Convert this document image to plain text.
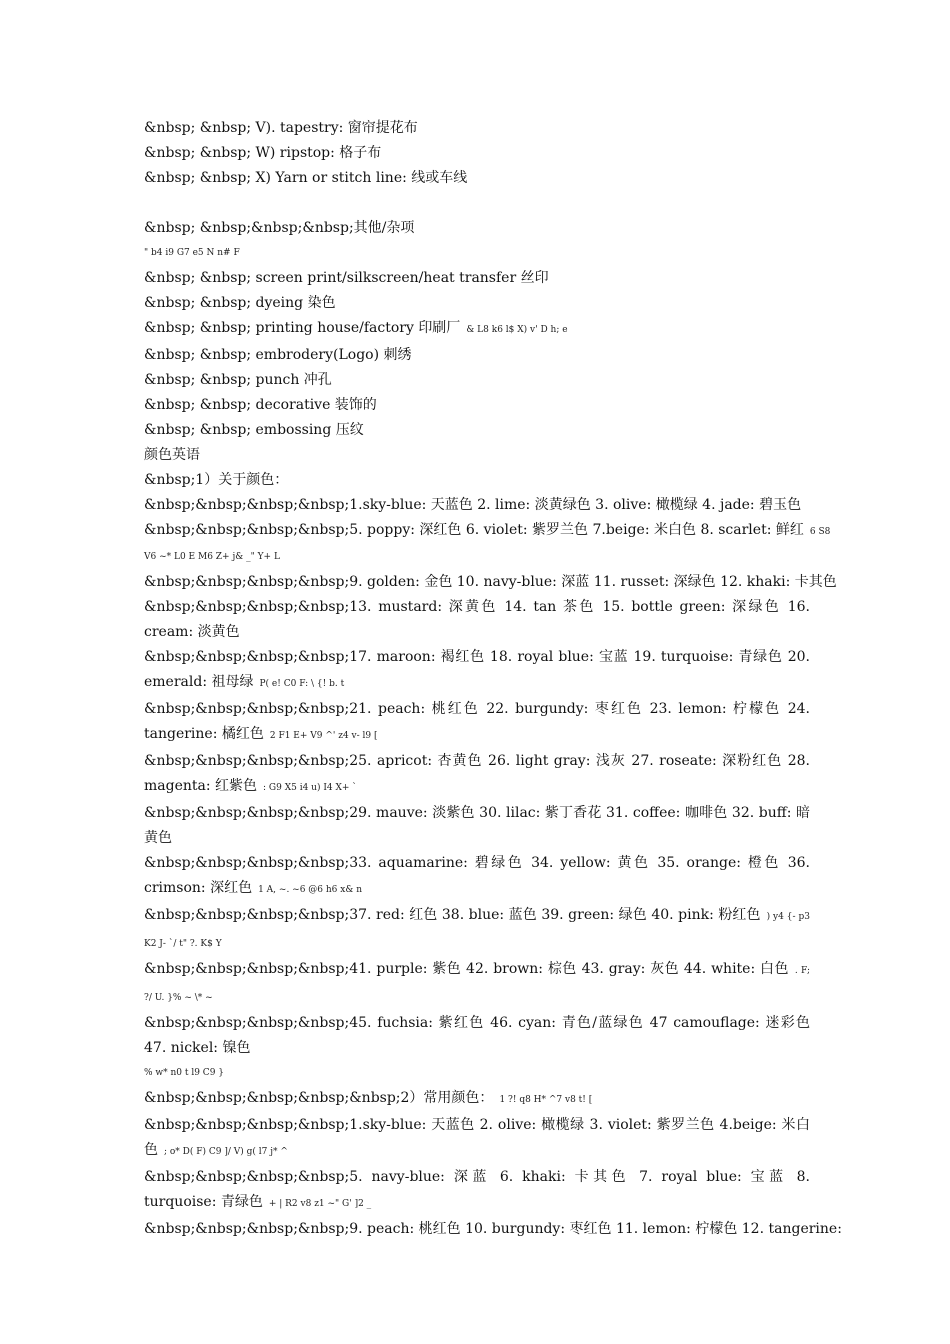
&nbsp; &nbsp; V). tapestry: 窗帘提花布
&nbsp; &nbsp; W) ripstop: 格子布
&nbsp; &nbsp; X) Yarn or stitch line: 线或车线
&nbsp; &nbsp;&nbsp;&nbsp;其他/杂项
" b4 i9 G7 e5 N n# F
&nbsp; &nbsp; screen print/silkscreen/heat transfer 丝印
&nbsp; &nbsp; dyeing 染色
&nbsp; &nbsp; printing house/factory 印刷厂 & L8 k6 l$ X) v' D h; e
&nbsp; &nbsp; embrodery(Logo) 刺绣
&nbsp; &nbsp; punch 冲孔
&nbsp; &nbsp; decorative 装饰的
&nbsp; &nbsp; embossing 压纹
颜色英语
&nbsp;1）关于颜色：
&nbsp;&nbsp;&nbsp;&nbsp;1.sky-blue: 天蓝色 2. lime: 淡黄绿色 3. olive: 橄榄绿 4. jade: 碧玉色
&nbsp;&nbsp;&nbsp;&nbsp;5. poppy: 深红色 6. violet: 紫罗兰色 7.beige: 米白色 8. scarlet: 鲜红 6 S8
V6 ~* L0 E M6 Z+ j& _" Y+ L
&nbsp;&nbsp;&nbsp;&nbsp;9. golden: 金色 10. navy-blue: 深蓝 11. russet: 深绿色 12. khaki: 卡其色
&nbsp;&nbsp;&nbsp;&nbsp;13. mustard: 深黄色 14. tan 茶色 15. bottle green: 深绿色 16. cream: 淡黄色
&nbsp;&nbsp;&nbsp;&nbsp;17. maroon: 褐红色 18. royal blue: 宝蓝 19. turquoise: 青绿色 20. emerald: 祖母绿 P( e! C0 F: \ {! b. t
&nbsp;&nbsp;&nbsp;&nbsp;21. peach: 桃红色 22. burgundy: 枣红色 23. lemon: 柠檬色 24. tangerine: 橘红色 2 F1 E+ V9 ^' z4 v- l9 [
&nbsp;&nbsp;&nbsp;&nbsp;25. apricot: 杏黄色 26. light gray: 浅灰 27. roseate: 深粉红色 28. magenta: 红紫色 : G9 X5 i4 u) I4 X+ `
&nbsp;&nbsp;&nbsp;&nbsp;29. mauve: 淡紫色 30. lilac: 紫丁香花 31. coffee: 咖啡色 32. buff: 暗黄色
&nbsp;&nbsp;&nbsp;&nbsp;33. aquamarine: 碧绿色 34. yellow: 黄色 35. orange: 橙色 36. crimson: 深红色 1 A, ~. ~6 @6 h6 x& n
&nbsp;&nbsp;&nbsp;&nbsp;37. red: 红色 38. blue: 蓝色 39. green: 绿色 40. pink: 粉红色 ) y4 {- p3 K2 J- `/ t" ?. K$ Y
&nbsp;&nbsp;&nbsp;&nbsp;41. purple: 紫色 42. brown: 棕色 43. gray: 灰色 44. white: 白色 . F; ?/ U. }% ~ \* ~
&nbsp;&nbsp;&nbsp;&nbsp;45. fuchsia: 紫红色 46. cyan: 青色/蓝绿色 47 camouflage: 迷彩色 47. nickel: 镍色
% w* n0 t l9 C9 }
&nbsp;&nbsp;&nbsp;&nbsp;&nbsp;2）常用颜色： 1 ?! q8 H* ^7 v8 t! [
&nbsp;&nbsp;&nbsp;&nbsp;1.sky-blue: 天蓝色 2. olive: 橄榄绿 3. violet: 紫罗兰色 4.beige: 米白色 ; o* D( F) C9 ]/ V) g( l7 j* ^
&nbsp;&nbsp;&nbsp;&nbsp;5. navy-blue: 深蓝 6. khaki: 卡其色 7. royal blue: 宝蓝 8. turquoise: 青绿色 + | R2 v8 z1 ~" G' ]2 _
&nbsp;&nbsp;&nbsp;&nbsp;9. peach: 桃红色 10. burgundy: 枣红色 11. lemon: 柠檬色 12. tangerine:
